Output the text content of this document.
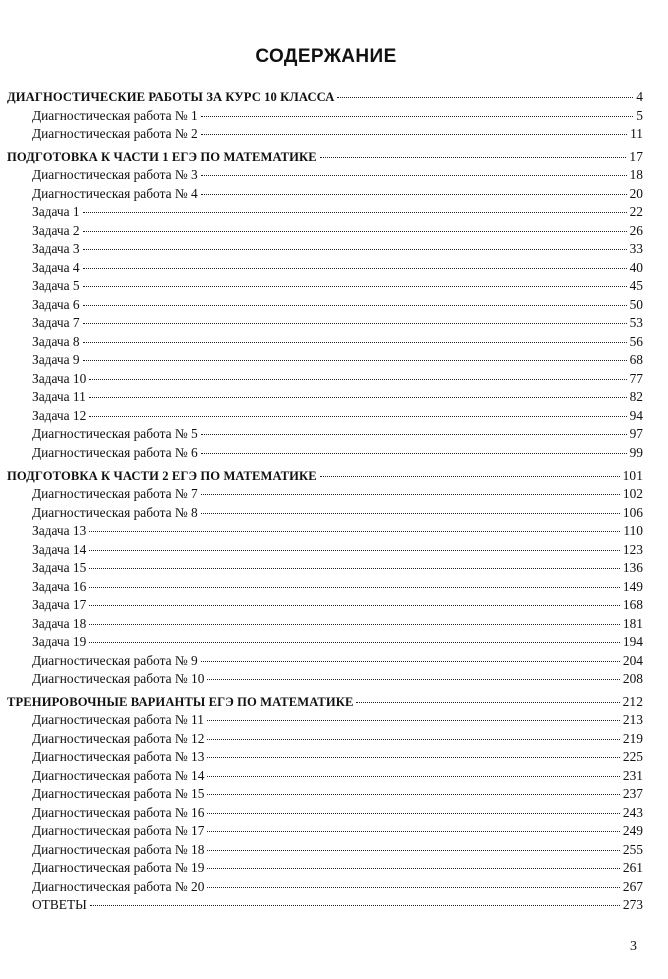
СОДЕРЖАНИЕ
ДИАГНОСТИЧЕСКИЕ РАБОТЫ ЗА КУРС 10 КЛАССА	4
Диагностическая работа № 1	5
Диагностическая работа № 2	11
ПОДГОТОВКА К ЧАСТИ 1 ЕГЭ ПО МАТЕМАТИКЕ	17
Диагностическая работа № 3	18
Диагностическая работа № 4	20
Задача 1	22
Задача 2	26
Задача 3	33
Задача 4	40
Задача 5	45
Задача 6	50
Задача 7	53
Задача 8	56
Задача 9	68
Задача 10	77
Задача 11	82
Задача 12	94
Диагностическая работа № 5	97
Диагностическая работа № 6	99
ПОДГОТОВКА К ЧАСТИ 2 ЕГЭ ПО МАТЕМАТИКЕ	101
Диагностическая работа № 7	102
Диагностическая работа № 8	106
Задача 13	110
Задача 14	123
Задача 15	136
Задача 16	149
Задача 17	168
Задача 18	181
Задача 19	194
Диагностическая работа № 9	204
Диагностическая работа № 10	208
ТРЕНИРОВОЧНЫЕ ВАРИАНТЫ ЕГЭ ПО МАТЕМАТИКЕ	212
Диагностическая работа № 11	213
Диагностическая работа № 12	219
Диагностическая работа № 13	225
Диагностическая работа № 14	231
Диагностическая работа № 15	237
Диагностическая работа № 16	243
Диагностическая работа № 17	249
Диагностическая работа № 18	255
Диагностическая работа № 19	261
Диагностическая работа № 20	267
ОТВЕТЫ	273
3
